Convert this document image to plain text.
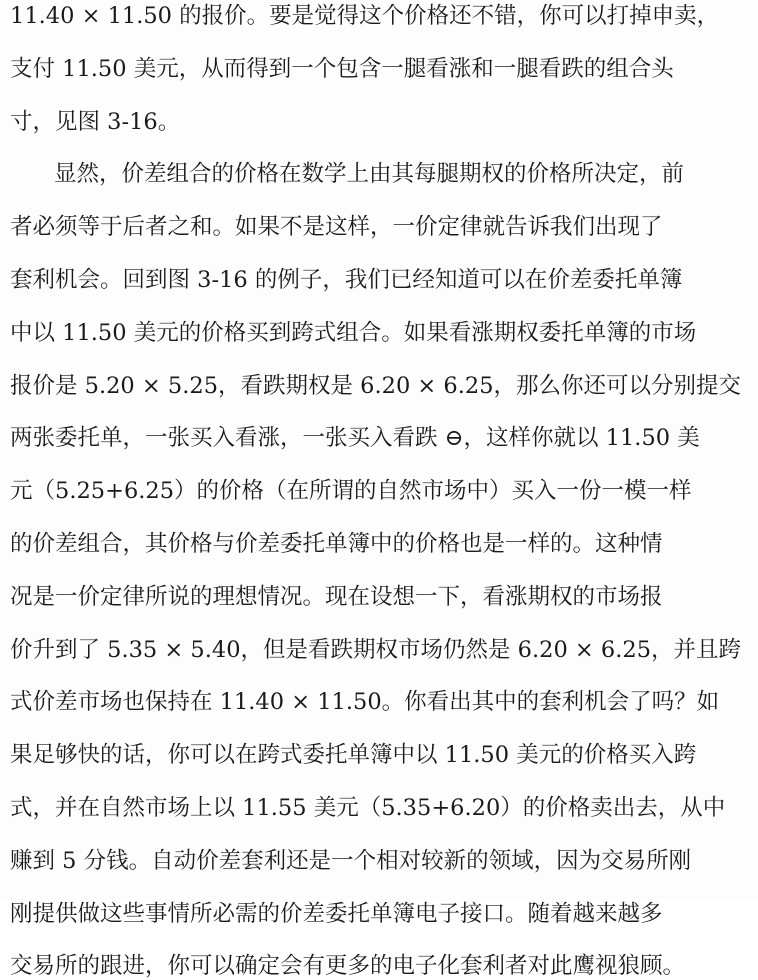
11.40 × 11.50 的报价。要是觉得这个价格还不错，你可以打掉申卖，
支付 11.50 美元，从而得到一个包含一腿看涨和一腿看跌的组合头
寸，见图 3-16。
显然，价差组合的价格在数学上由其每腿期权的价格所决定，前
者必须等于后者之和。如果不是这样，一价定律就告诉我们出现了
套利机会。回到图 3-16 的例子，我们已经知道可以在价差委托单簿
中以 11.50 美元的价格买到跨式组合。如果看涨期权委托单簿的市场
报价是 5.20 × 5.25，看跌期权是 6.20 × 6.25，那么你还可以分别提交
两张委托单，一张买入看涨，一张买入看跌 ⊖，这样你就以 11.50 美
元（5.25+6.25）的价格（在所谓的自然市场中）买入一份一模一样
的价差组合，其价格与价差委托单簿中的价格也是一样的。这种情
况是一价定律所说的理想情况。现在设想一下，看涨期权的市场报
价升到了 5.35 × 5.40，但是看跌期权市场仍然是 6.20 × 6.25，并且跨
式价差市场也保持在 11.40 × 11.50。你看出其中的套利机会了吗？如
果足够快的话，你可以在跨式委托单簿中以 11.50 美元的价格买入跨
式，并在自然市场上以 11.55 美元（5.35+6.20）的价格卖出去，从中
赚到 5 分钱。自动价差套利还是一个相对较新的领域，因为交易所刚
刚提供做这些事情所必需的价差委托单簿电子接口。随着越来越多
交易所的跟进，你可以确定会有更多的电子化套利者对此鹰视狼顾。
